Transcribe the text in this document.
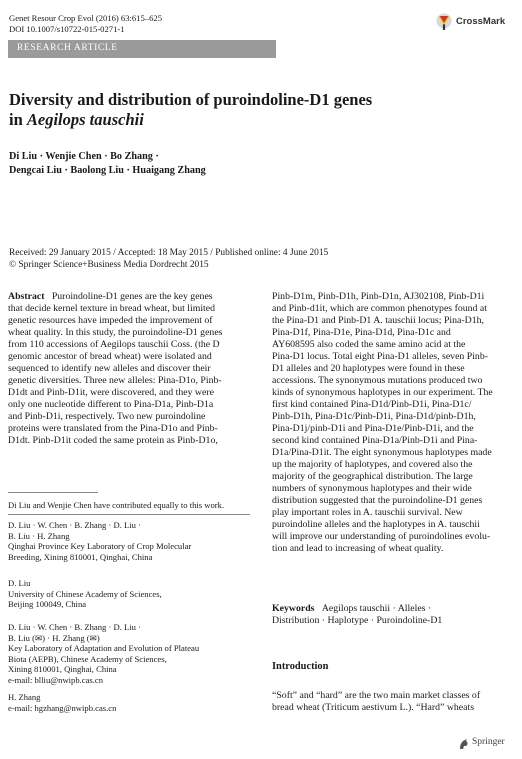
Genet Resour Crop Evol (2016) 63:615–625
DOI 10.1007/s10722-015-0271-1
CrossMark
RESEARCH ARTICLE
Diversity and distribution of puroindoline-D1 genes
in Aegilops tauschii
Di Liu · Wenjie Chen · Bo Zhang ·
Dengcai Liu · Baolong Liu · Huaigang Zhang
Received: 29 January 2015 / Accepted: 18 May 2015 / Published online: 4 June 2015
© Springer Science+Business Media Dordrecht 2015
Abstract Puroindoline-D1 genes are the key genes
that decide kernel texture in bread wheat, but limited
genetic resources have impeded the improvement of
wheat quality. In this study, the puroindoline-D1 genes
from 110 accessions of Aegilops tauschii Coss. (the D
genomic ancestor of bread wheat) were isolated and
sequenced to identify new alleles and discover their
genetic diversities. Three new alleles: Pina-D1o, Pinb-
D1dt and Pinb-D1it, were discovered, and they were
only one nucleotide different to Pina-D1a, Pinb-D1a
and Pinb-D1i, respectively. Two new puroindoline
proteins were translated from the Pina-D1o and Pinb-
D1dt. Pinb-D1it coded the same protein as Pinb-D1o,
Di Liu and Wenjie Chen have contributed equally to this work.
D. Liu · W. Chen · B. Zhang · D. Liu ·
B. Liu · H. Zhang
Qinghai Province Key Laboratory of Crop Molecular
Breeding, Xining 810001, Qinghai, China
D. Liu
University of Chinese Academy of Sciences,
Beijing 100049, China
D. Liu · W. Chen · B. Zhang · D. Liu ·
B. Liu (✉) · H. Zhang (✉)
Key Laboratory of Adaptation and Evolution of Plateau
Biota (AEPB), Chinese Academy of Sciences,
Xining 810001, Qinghai, China
e-mail: blliu@nwipb.cas.cn
H. Zhang
e-mail: hgzhang@nwipb.cas.cn
Pinb-D1m, Pinb-D1h, Pinb-D1n, AJ302108, Pinb-D1i
and Pinb-d1it, which are common phenotypes found at
the Pina-D1 and Pinb-D1 A. tauschii locus; Pina-D1h,
Pina-D1f, Pina-D1e, Pina-D1d, Pina-D1c and
AY608595 also coded the same amino acid at the
Pina-D1 locus. Total eight Pina-D1 alleles, seven Pinb-
D1 alleles and 20 haplotypes were found in these
accessions. The synonymous mutations produced two
kinds of synonymous haplotypes in our experiment. The
first kind contained Pina-D1d/Pinb-D1i, Pina-D1c/
Pinb-D1h, Pina-D1c/Pinb-D1i, Pina-D1d/pinb-D1h,
Pina-D1j/pinb-D1i and Pina-D1e/Pinb-D1i, and the
second kind contained Pina-D1a/Pinb-D1i and Pina-
D1a/Pina-D1it. The eight synonymous haplotypes made
up the majority of haplotypes, and covered also the
majority of the geographical distribution. The large
numbers of synonymous haplotypes and their wide
distribution suggested that the puroindoline-D1 genes
play important roles in A. tauschii survival. New
puroindoline alleles and the haplotypes in A. tauschii
will improve our understanding of puroindolines evolu-
tion and lead to increasing of wheat quality.
Keywords Aegilops tauschii · Alleles ·
Distribution · Haplotype · Puroindoline-D1
Introduction
“Soft” and “hard” are the two main market classes of
bread wheat (Triticum aestivum L.). “Hard” wheats
Springer
